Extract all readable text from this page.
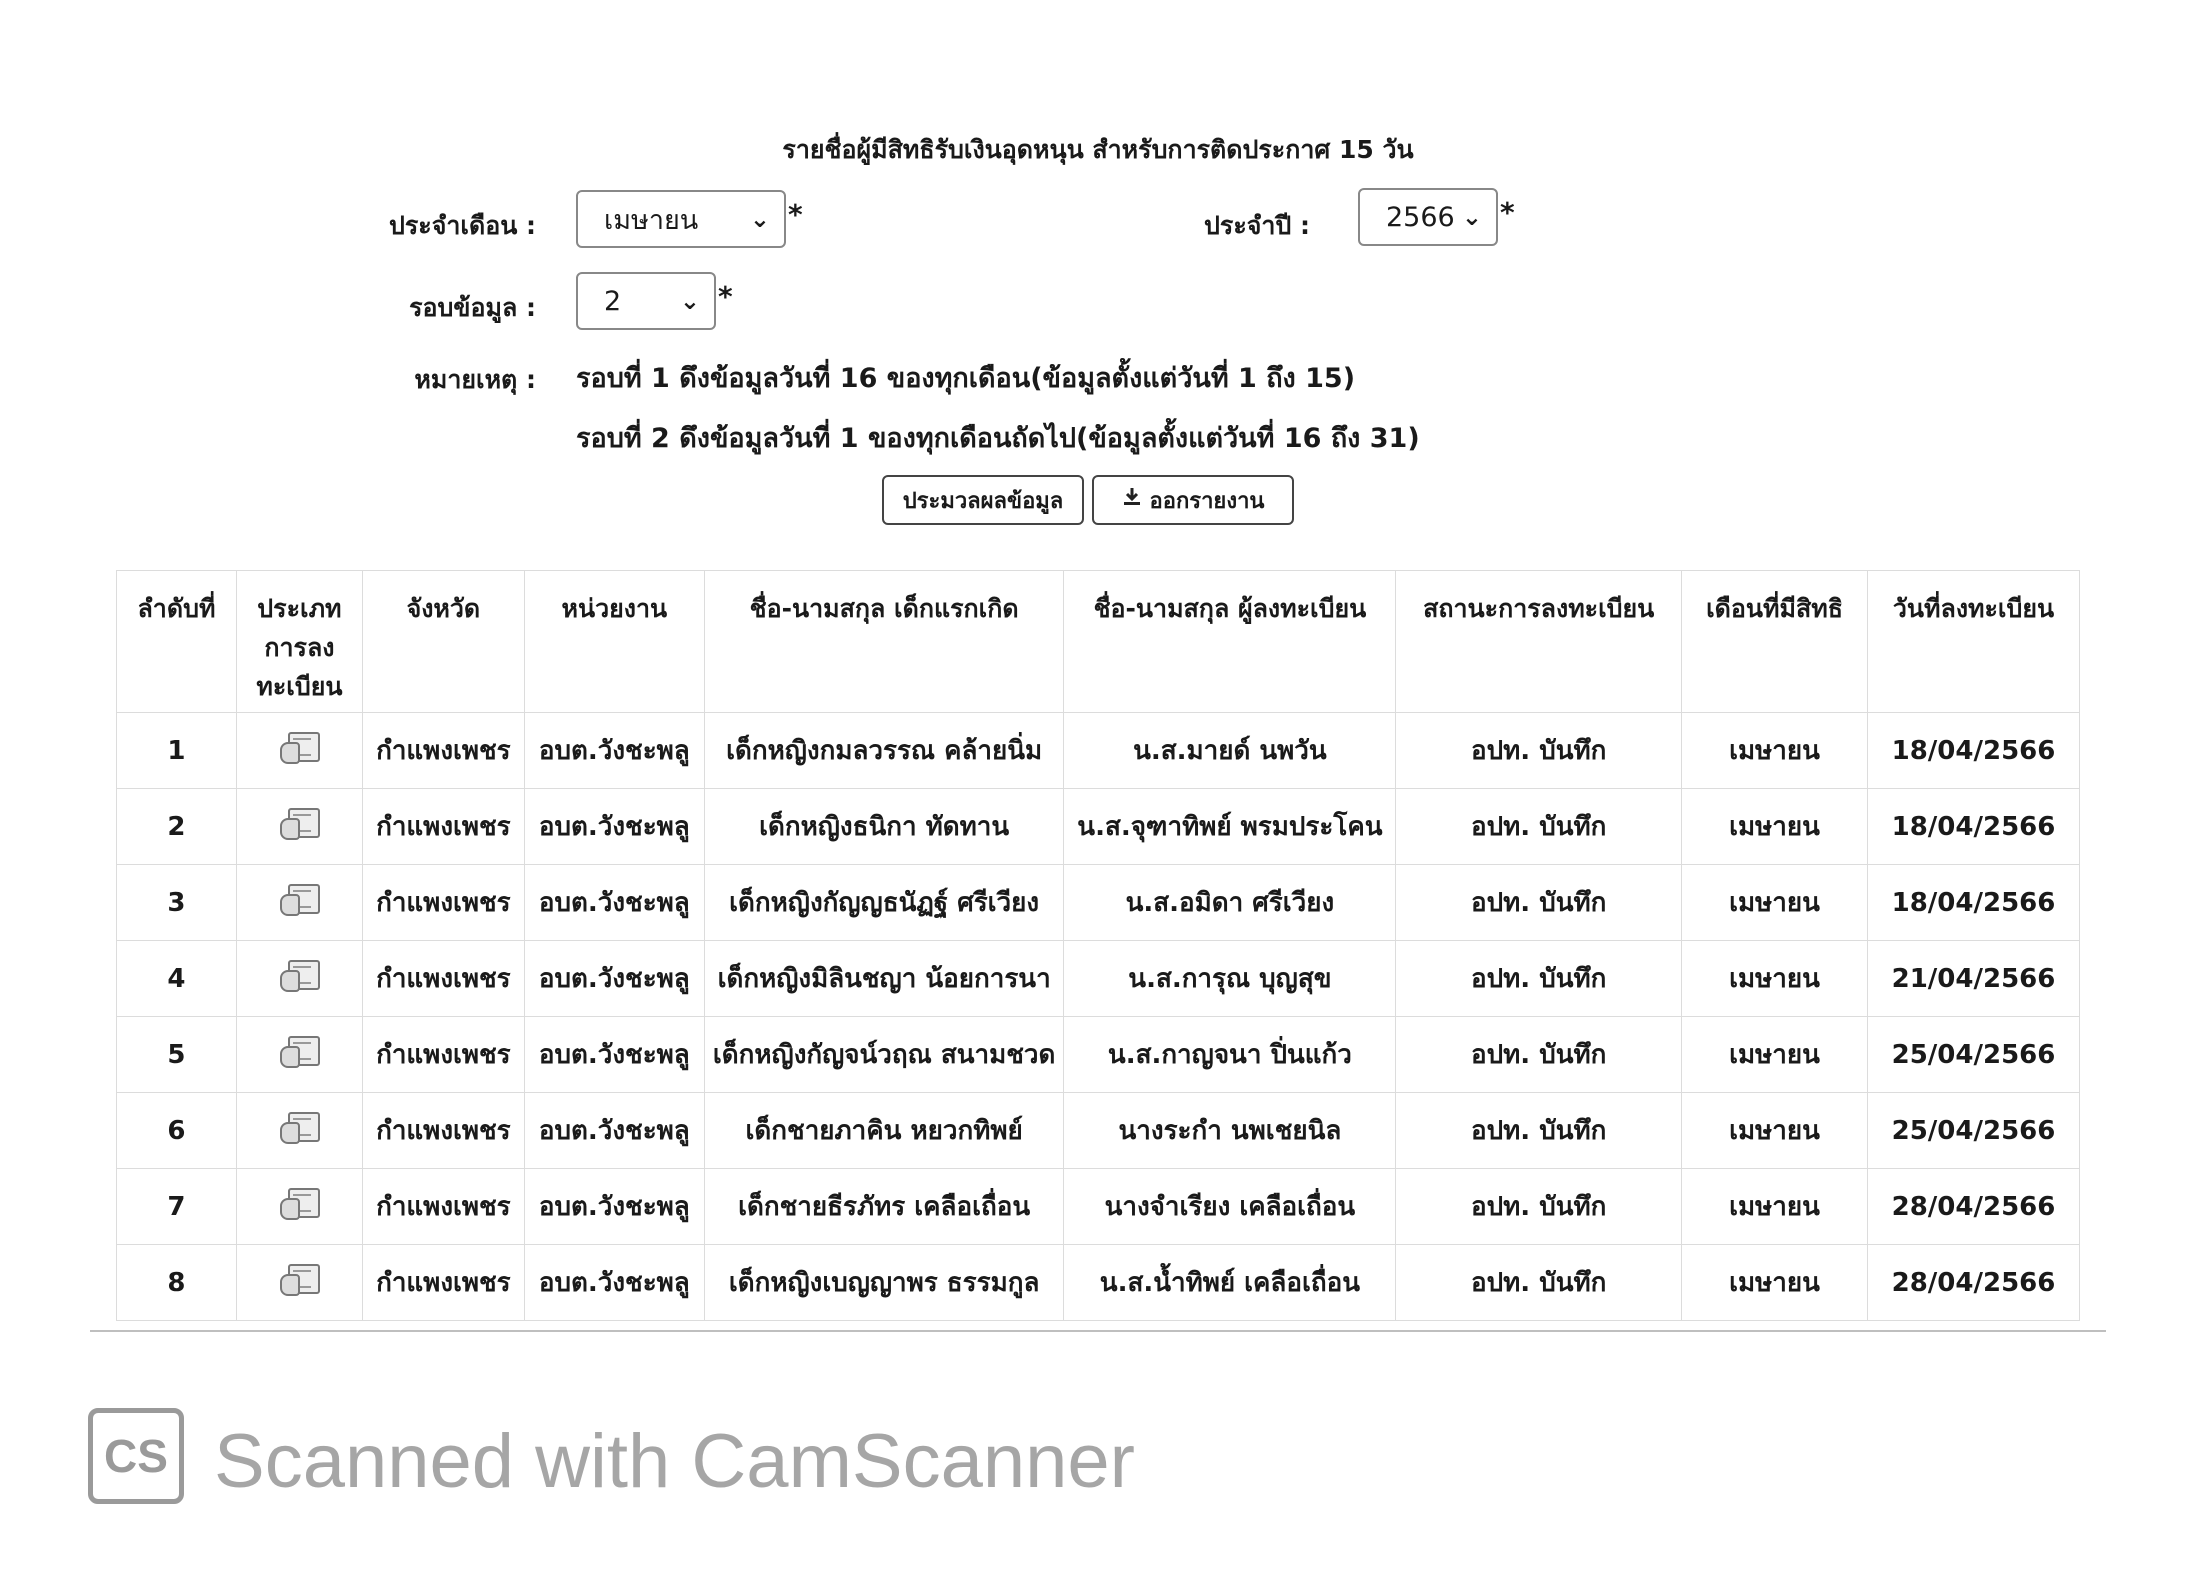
รายชื่อผู้มีสิทธิรับเงินอุดหนุน สำหรับการติดประกาศ 15 วัน
ประจำเดือน :	เมษายน ⌄ *	ประจำปี :	2566 ⌄ *
รอบข้อมูล :	2 ⌄ *
หมายเหตุ : รอบที่ 1 ดึงข้อมูลวันที่ 16 ของทุกเดือน(ข้อมูลตั้งแต่วันที่ 1 ถึง 15)
รอบที่ 2 ดึงข้อมูลวันที่ 1 ของทุกเดือนถัดไป(ข้อมูลตั้งแต่วันที่ 16 ถึง 31)
ประมวลผลข้อมูล	ออกรายงาน
ลำดับที่	ประเภท
การลง
ทะเบียน	จังหวัด	หน่วยงาน	ชื่อ-นามสกุล เด็กแรกเกิด	ชื่อ-นามสกุล ผู้ลงทะเบียน	สถานะการลงทะเบียน	เดือนที่มีสิทธิ	วันที่ลงทะเบียน
1		กำแพงเพชร	อบต.วังชะพลู	เด็กหญิงกมลวรรณ คล้ายนิ่ม	น.ส.มายด์ นพวัน	อปท. บันทึก	เมษายน	18/04/2566
2		กำแพงเพชร	อบต.วังชะพลู	เด็กหญิงธนิกา ทัดทาน	น.ส.จุฑาทิพย์ พรมประโคน	อปท. บันทึก	เมษายน	18/04/2566
3		กำแพงเพชร	อบต.วังชะพลู	เด็กหญิงกัญญธนัฏฐ์ ศรีเวียง	น.ส.อมิดา ศรีเวียง	อปท. บันทึก	เมษายน	18/04/2566
4		กำแพงเพชร	อบต.วังชะพลู	เด็กหญิงมิลินชญา น้อยการนา	น.ส.การุณ บุญสุข	อปท. บันทึก	เมษายน	21/04/2566
5		กำแพงเพชร	อบต.วังชะพลู	เด็กหญิงกัญจน์วฤณ สนามชวด	น.ส.กาญจนา ปิ่นแก้ว	อปท. บันทึก	เมษายน	25/04/2566
6		กำแพงเพชร	อบต.วังชะพลู	เด็กชายภาคิน หยวกทิพย์	นางระกำ นพเชยนิล	อปท. บันทึก	เมษายน	25/04/2566
7		กำแพงเพชร	อบต.วังชะพลู	เด็กชายธีรภัทร เคลือเถื่อน	นางจำเรียง เคลือเถื่อน	อปท. บันทึก	เมษายน	28/04/2566
8		กำแพงเพชร	อบต.วังชะพลู	เด็กหญิงเบญญาพร ธรรมกูล	น.ส.น้ำทิพย์ เคลือเถื่อน	อปท. บันทึก	เมษายน	28/04/2566
CS Scanned with CamScanner
